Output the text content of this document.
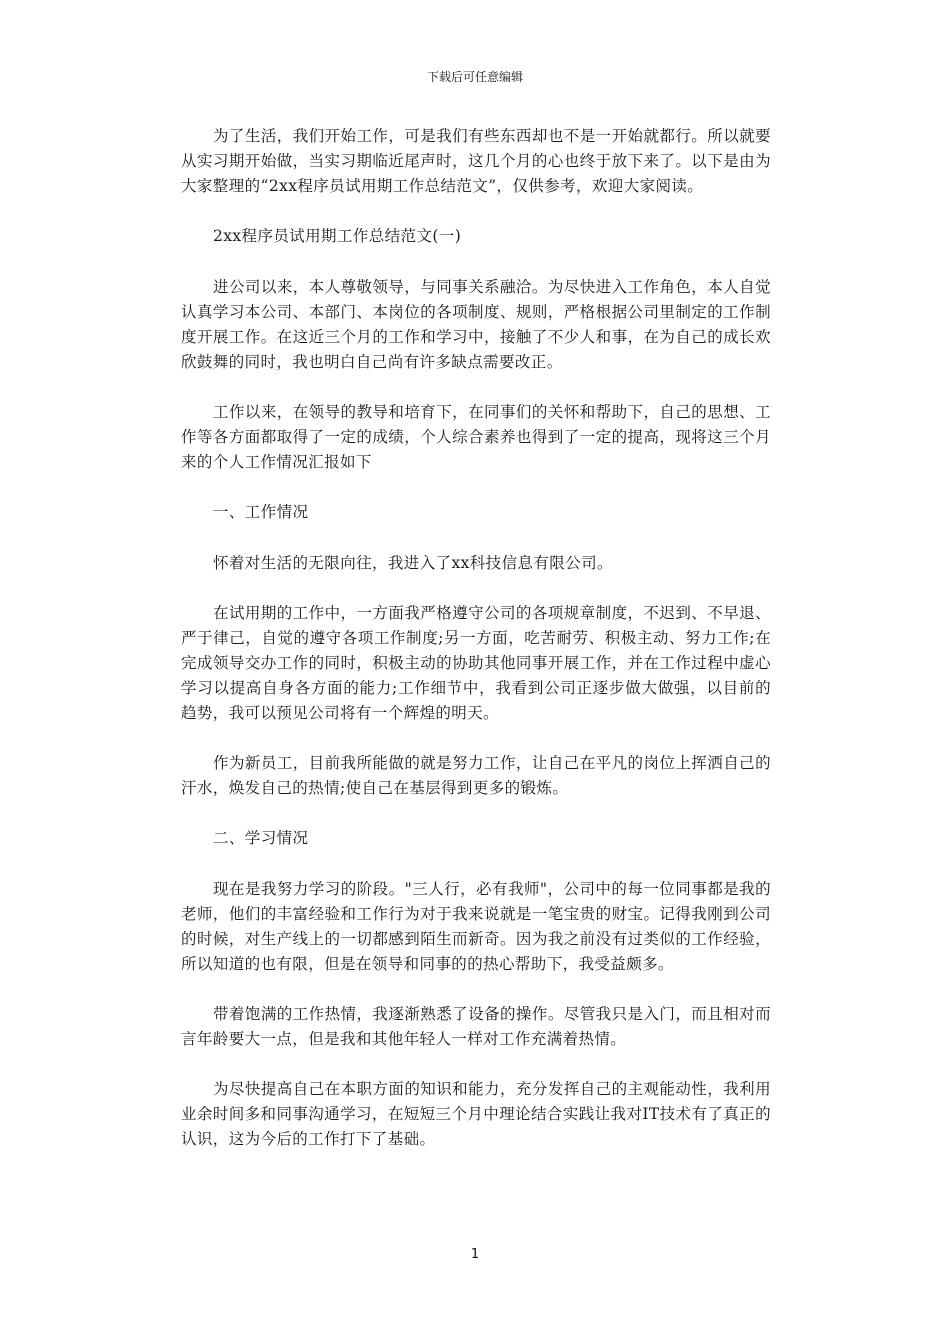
下载后可任意编辑

为了生活，我们开始工作，可是我们有些东西却也不是一开始就都行。所以就要从实习期开始做，当实习期临近尾声时，这几个月的心也终于放下来了。以下是由为大家整理的“2xx程序员试用期工作总结范文”，仅供参考，欢迎大家阅读。

2xx程序员试用期工作总结范文(一)

进公司以来，本人尊敬领导，与同事关系融洽。为尽快进入工作角色，本人自觉认真学习本公司、本部门、本岗位的各项制度、规则，严格根据公司里制定的工作制度开展工作。在这近三个月的工作和学习中，接触了不少人和事，在为自己的成长欢欣鼓舞的同时，我也明白自己尚有许多缺点需要改正。

工作以来，在领导的教导和培育下，在同事们的关怀和帮助下，自己的思想、工作等各方面都取得了一定的成绩，个人综合素养也得到了一定的提高，现将这三个月来的个人工作情况汇报如下

一、工作情况

怀着对生活的无限向往，我进入了xx科技信息有限公司。

在试用期的工作中，一方面我严格遵守公司的各项规章制度，不迟到、不早退、严于律己，自觉的遵守各项工作制度;另一方面，吃苦耐劳、积极主动、努力工作;在完成领导交办工作的同时，积极主动的协助其他同事开展工作，并在工作过程中虚心学习以提高自身各方面的能力;工作细节中，我看到公司正逐步做大做强，以目前的趋势，我可以预见公司将有一个辉煌的明天。

作为新员工，目前我所能做的就是努力工作，让自己在平凡的岗位上挥洒自己的汗水，焕发自己的热情;使自己在基层得到更多的锻炼。

二、学习情况

现在是我努力学习的阶段。"三人行，必有我师"，公司中的每一位同事都是我的老师，他们的丰富经验和工作行为对于我来说就是一笔宝贵的财宝。记得我刚到公司的时候，对生产线上的一切都感到陌生而新奇。因为我之前没有过类似的工作经验，所以知道的也有限，但是在领导和同事的的热心帮助下，我受益颇多。

带着饱满的工作热情，我逐渐熟悉了设备的操作。尽管我只是入门，而且相对而言年龄要大一点，但是我和其他年轻人一样对工作充满着热情。

为尽快提高自己在本职方面的知识和能力，充分发挥自己的主观能动性，我利用业余时间多和同事沟通学习，在短短三个月中理论结合实践让我对IT技术有了真正的认识，这为今后的工作打下了基础。

1
